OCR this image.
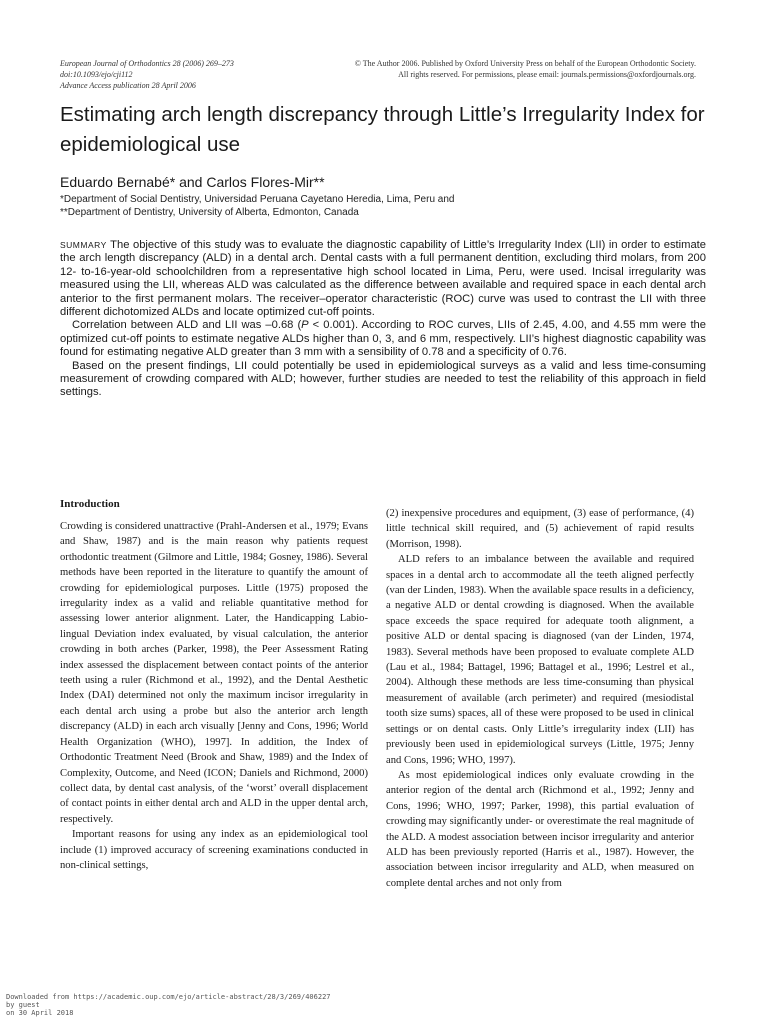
European Journal of Orthodontics 28 (2006) 269–273
doi:10.1093/ejo/cji112
Advance Access publication 28 April 2006
© The Author 2006. Published by Oxford University Press on behalf of the European Orthodontic Society.
All rights reserved. For permissions, please email: journals.permissions@oxfordjournals.org.
Estimating arch length discrepancy through Little’s Irregularity Index for epidemiological use
Eduardo Bernabé* and Carlos Flores-Mir**
*Department of Social Dentistry, Universidad Peruana Cayetano Heredia, Lima, Peru and
**Department of Dentistry, University of Alberta, Edmonton, Canada

SUMMARY The objective of this study was to evaluate the diagnostic capability of Little’s Irregularity Index (LII) in order to estimate the arch length discrepancy (ALD) in a dental arch. Dental casts with a full permanent dentition, excluding third molars, from 200 12- to-16-year-old schoolchildren from a representative high school located in Lima, Peru, were used. Incisal irregularity was measured using the LII, whereas ALD was calculated as the difference between available and required space in each dental arch anterior to the first permanent molars. The receiver–operator characteristic (ROC) curve was used to contrast the LII with three different dichotomized ALDs and locate optimized cut-off points.

Correlation between ALD and LII was –0.68 (P < 0.001). According to ROC curves, LIIs of 2.45, 4.00, and 4.55 mm were the optimized cut-off points to estimate negative ALDs higher than 0, 3, and 6 mm, respectively. LII’s highest diagnostic capability was found for estimating negative ALD greater than 3 mm with a sensibility of 0.78 and a specificity of 0.76.

Based on the present findings, LII could potentially be used in epidemiological surveys as a valid and less time-consuming measurement of crowding compared with ALD; however, further studies are needed to test the reliability of this approach in field settings.

Introduction

Crowding is considered unattractive (Prahl-Andersen et al., 1979; Evans and Shaw, 1987) and is the main reason why patients request orthodontic treatment (Gilmore and Little, 1984; Gosney, 1986). Several methods have been reported in the literature to quantify the amount of crowding for epidemiological purposes. Little (1975) proposed the irregularity index as a valid and reliable quantitative method for assessing lower anterior alignment. Later, the Handicapping Labio-lingual Deviation index evaluated, by visual calculation, the anterior crowding in both arches (Parker, 1998), the Peer Assessment Rating index assessed the displacement between contact points of the anterior teeth using a ruler (Richmond et al., 1992), and the Dental Aesthetic Index (DAI) determined not only the maximum incisor irregularity in each dental arch using a probe but also the anterior arch length discrepancy (ALD) in each arch visually [Jenny and Cons, 1996; World Health Organization (WHO), 1997]. In addition, the Index of Orthodontic Treatment Need (Brook and Shaw, 1989) and the Index of Complexity, Outcome, and Need (ICON; Daniels and Richmond, 2000) collect data, by dental cast analysis, of the ‘worst’ overall displacement of contact points in either dental arch and ALD in the upper dental arch, respectively.

Important reasons for using any index as an epidemiological tool include (1) improved accuracy of screening examinations conducted in non-clinical settings,

(2) inexpensive procedures and equipment, (3) ease of performance, (4) little technical skill required, and (5) achievement of rapid results (Morrison, 1998).

ALD refers to an imbalance between the available and required spaces in a dental arch to accommodate all the teeth aligned perfectly (van der Linden, 1983). When the available space results in a deficiency, a negative ALD or dental crowding is diagnosed. When the available space exceeds the space required for adequate tooth alignment, a positive ALD or dental spacing is diagnosed (van der Linden, 1974, 1983). Several methods have been proposed to evaluate complete ALD (Lau et al., 1984; Battagel, 1996; Battagel et al., 1996; Lestrel et al., 2004). Although these methods are less time-consuming than physical measurement of available (arch perimeter) and required (mesiodistal tooth size sums) spaces, all of these were proposed to be used in clinical settings or on dental casts. Only Little’s irregularity index (LII) has previously been used in epidemiological surveys (Little, 1975; Jenny and Cons, 1996; WHO, 1997).

As most epidemiological indices only evaluate crowding in the anterior region of the dental arch (Richmond et al., 1992; Jenny and Cons, 1996; WHO, 1997; Parker, 1998), this partial evaluation of crowding may significantly under- or overestimate the real magnitude of the ALD. A modest association between incisor irregularity and anterior ALD has been previously reported (Harris et al., 1987). However, the association between incisor irregularity and ALD, when measured on complete dental arches and not only from

Downloaded from https://academic.oup.com/ejo/article-abstract/28/3/269/406227
by guest
on 30 April 2018
